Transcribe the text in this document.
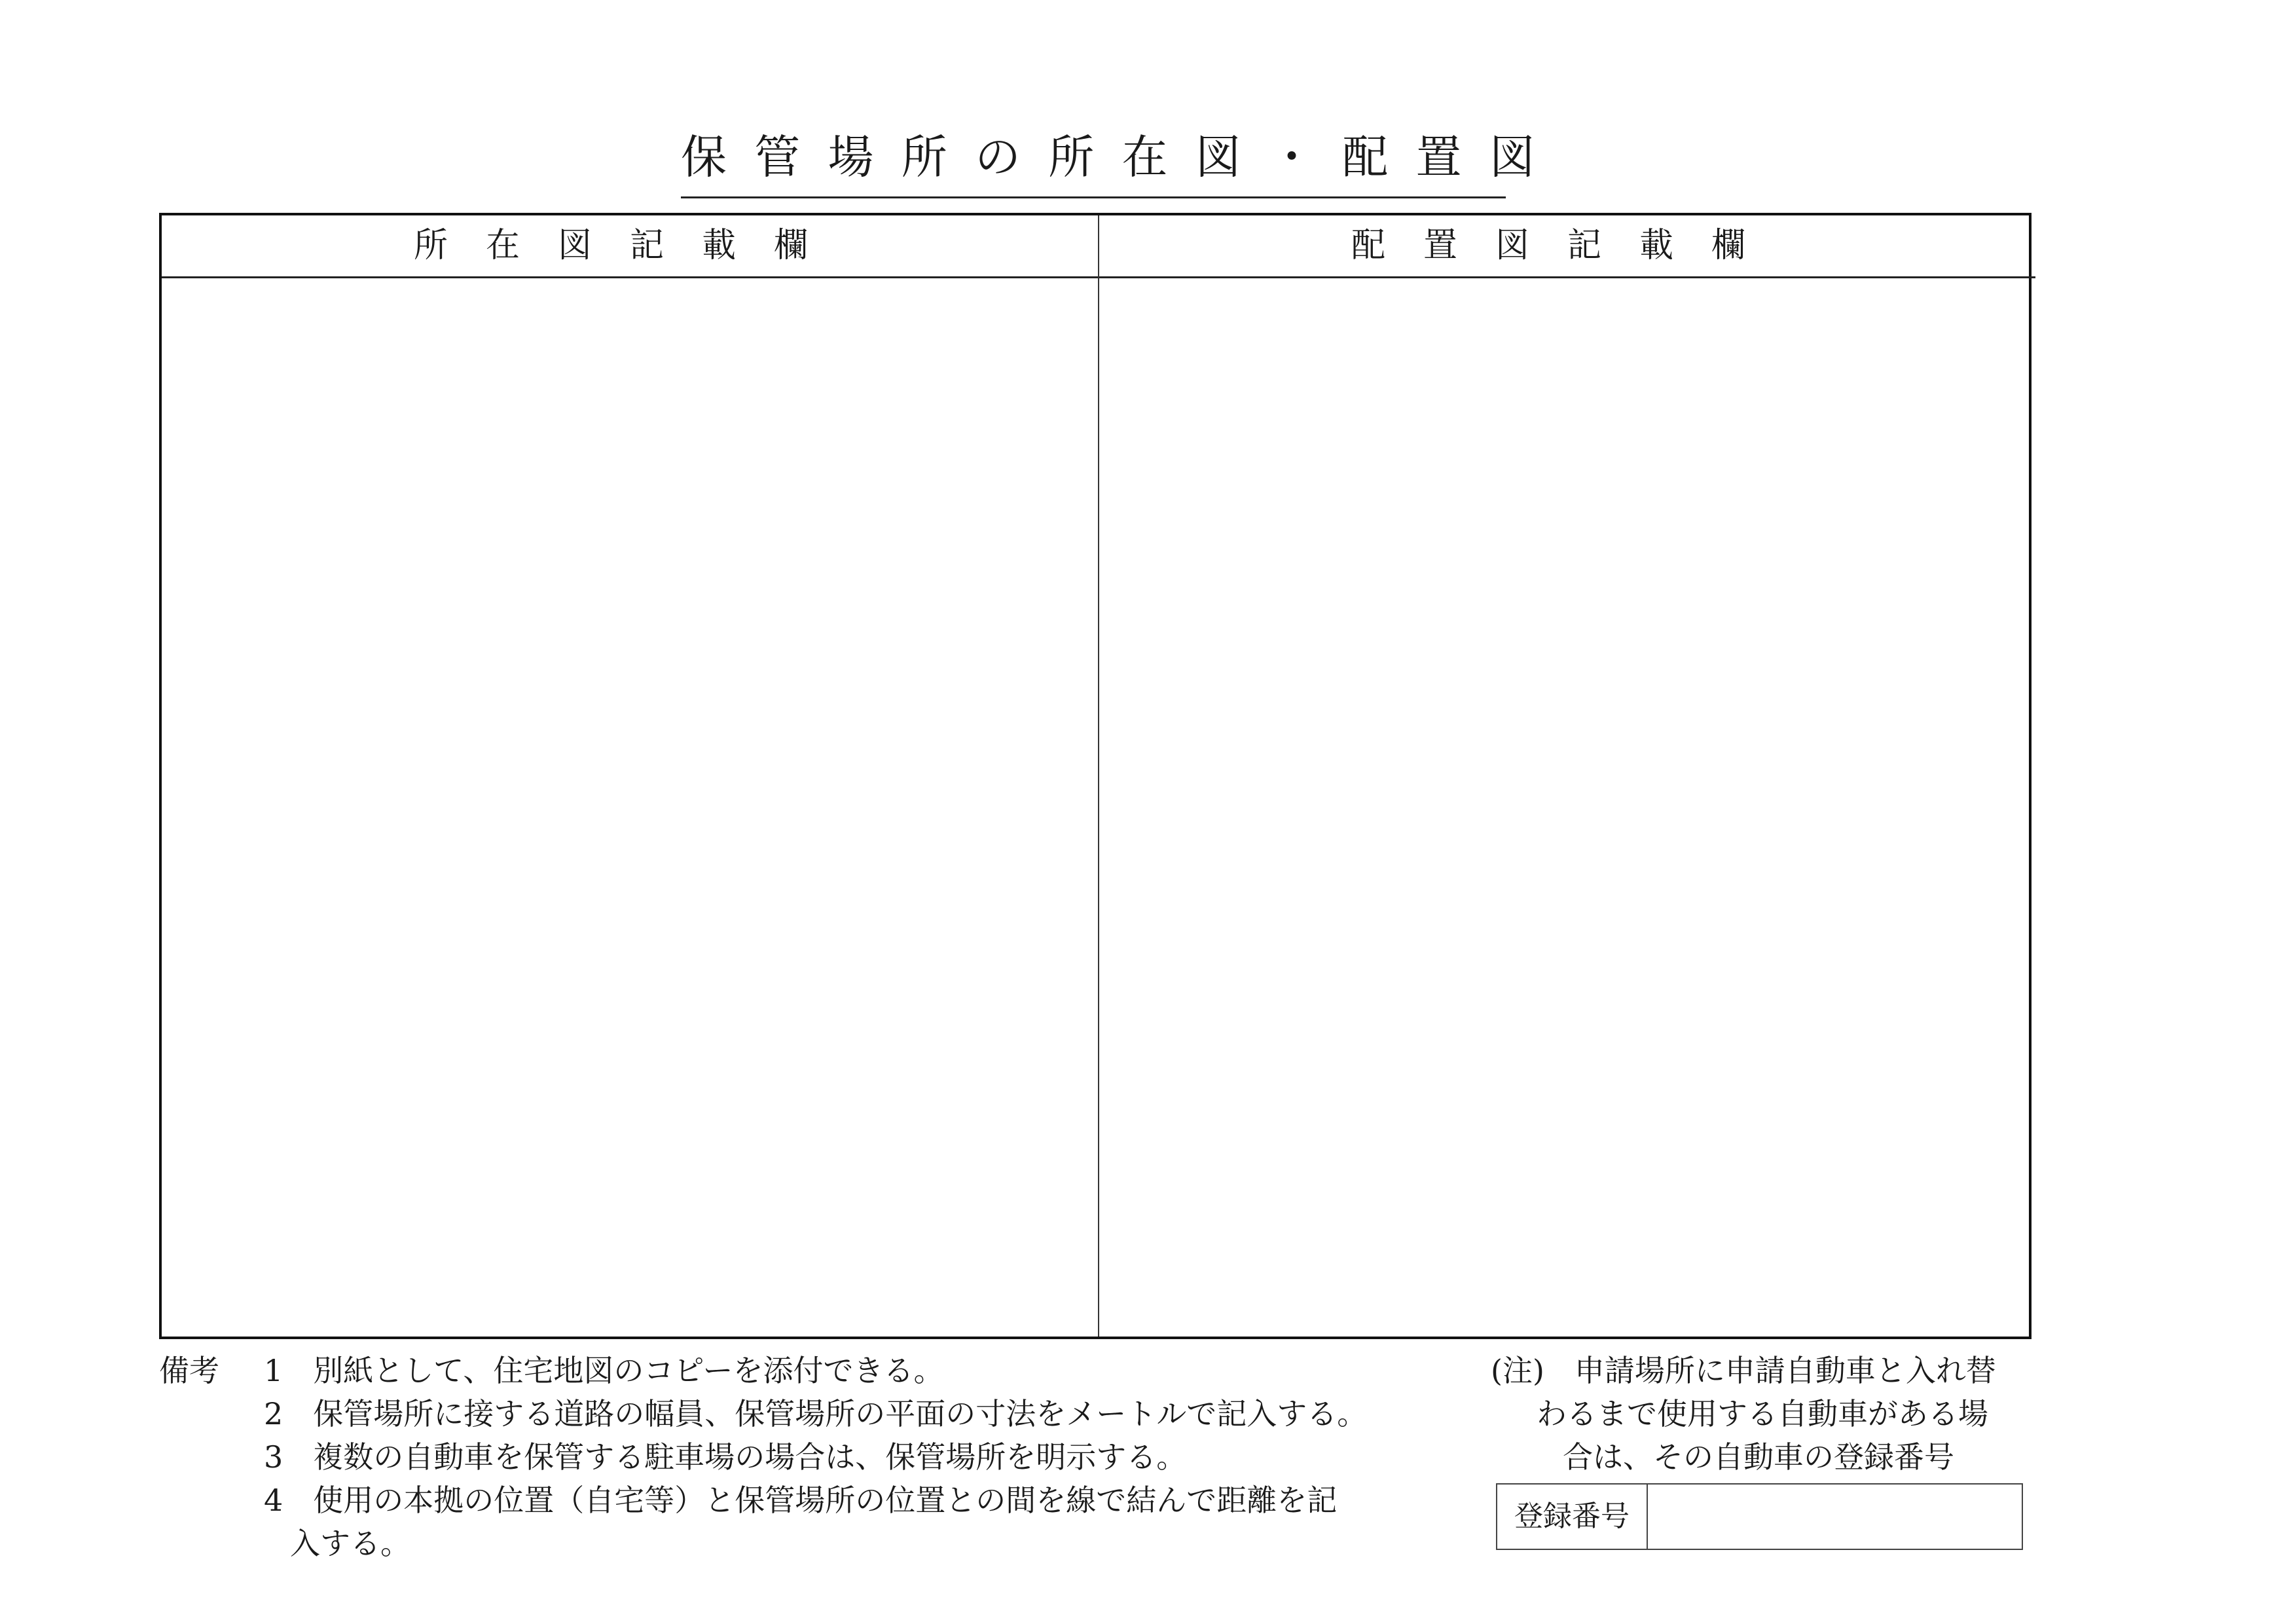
保 管 場 所 の 所 在 図 ・ 配 置 図
所在図記載欄	配置図記載欄
備考 1　別紙として、住宅地図のコピーを添付できる。
2　保管場所に接する道路の幅員、保管場所の平面の寸法をメートルで記入する。
3　複数の自動車を保管する駐車場の場合は、保管場所を明示する。
4　使用の本拠の位置（自宅等）と保管場所の位置との間を線で結んで距離を記
入する。
(注)　申請場所に申請自動車と入れ替
わるまで使用する自動車がある場
合は、その自動車の登録番号
登録番号
